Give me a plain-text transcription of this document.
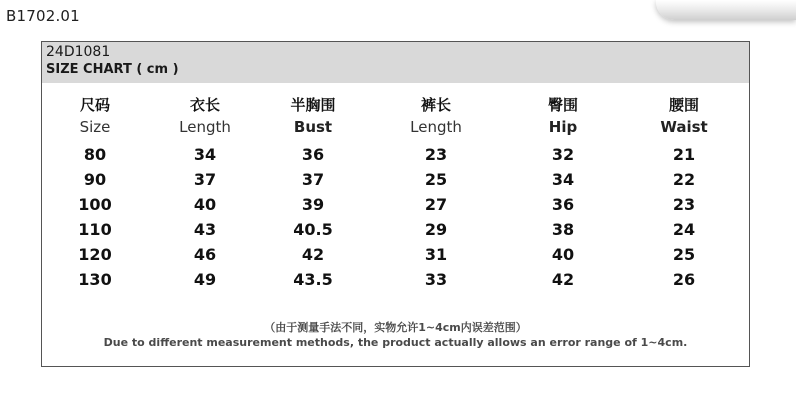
B1702.01
24D1081
SIZE CHART ( cm )
尺码
Size
80
90
100
110
120
130
衣长
Length
34
37
40
43
46
49
半胸围
Bust
36
37
39
40.5
42
43.5
裤长
Length
23
25
27
29
31
33
臀围
Hip
32
34
36
38
40
42
腰围
Waist
21
22
23
24
25
26
（由于测量手法不同，实物允许1~4cm内误差范围）
Due to different measurement methods, the product actually allows an error range of 1~4cm.
